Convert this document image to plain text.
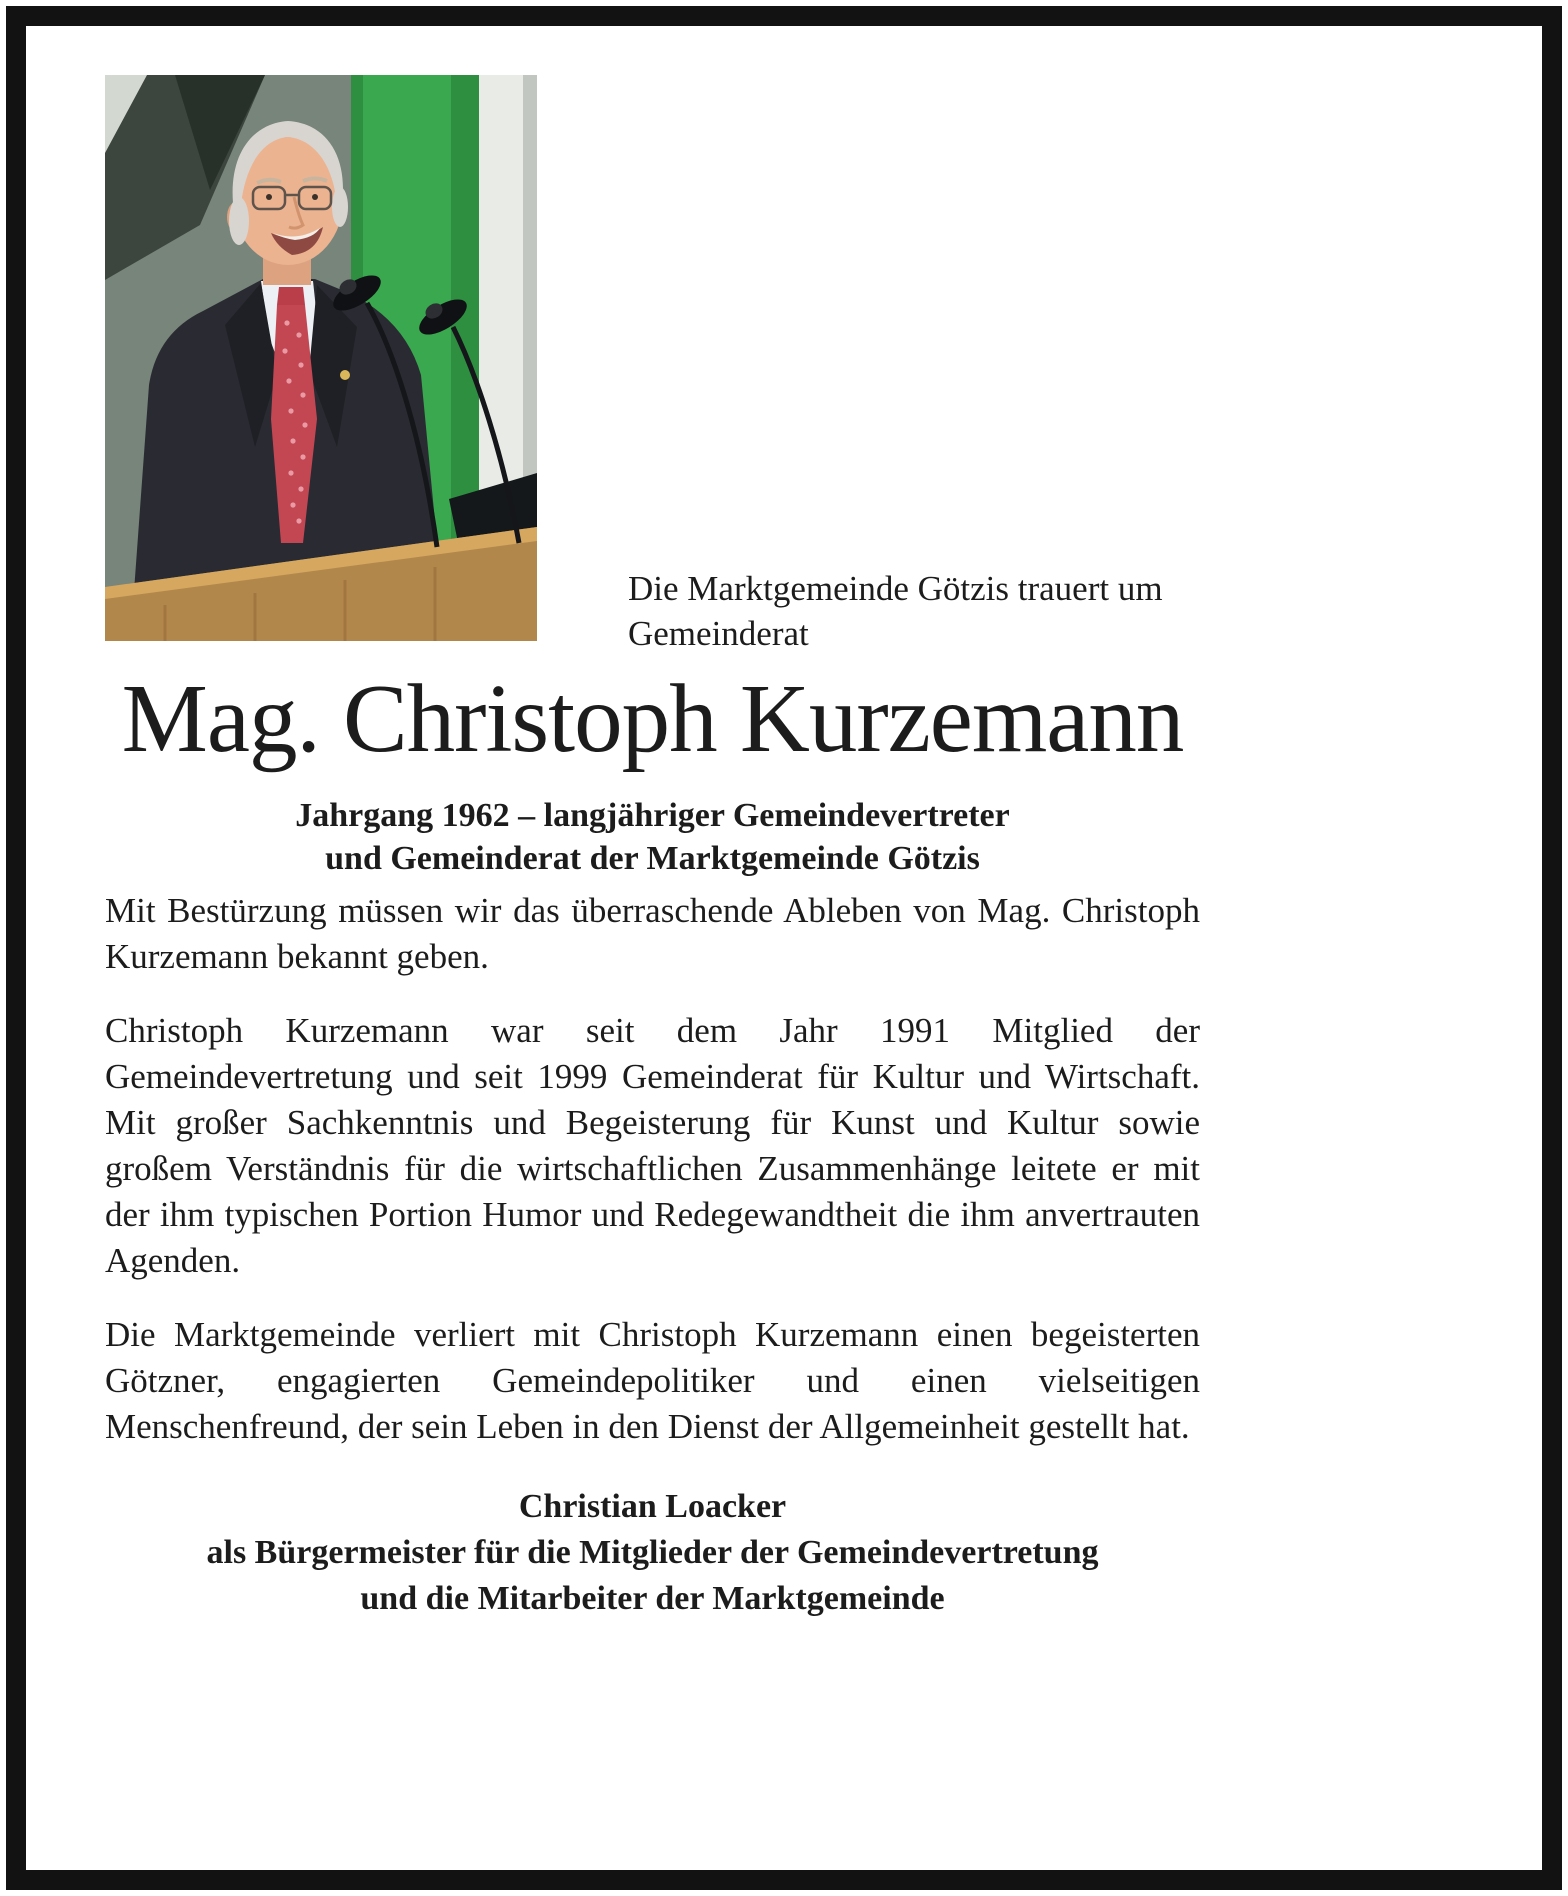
Die Marktgemeinde Götzis trauert um
Gemeinderat
Mag. Christoph Kurzemann
Jahrgang 1962 – langjähriger Gemeindevertreter
und Gemeinderat der Marktgemeinde Götzis

Mit Bestürzung müssen wir das überraschende Ableben von Mag. Christoph Kurzemann bekannt geben.

Christoph Kurzemann war seit dem Jahr 1991 Mitglied der Gemeindevertretung und seit 1999 Gemeinderat für Kultur und Wirtschaft. Mit großer Sachkenntnis und Begeisterung für Kunst und Kultur sowie großem Verständnis für die wirtschaftlichen Zusammenhänge leitete er mit der ihm typischen Portion Humor und Redegewandtheit die ihm anvertrauten Agenden.

Die Marktgemeinde verliert mit Christoph Kurzemann einen begeisterten Götzner, engagierten Gemeindepolitiker und einen vielseitigen Menschenfreund, der sein Leben in den Dienst der Allgemeinheit gestellt hat.

Christian Loacker
als Bürgermeister für die Mitglieder der Gemeindevertretung
und die Mitarbeiter der Marktgemeinde
